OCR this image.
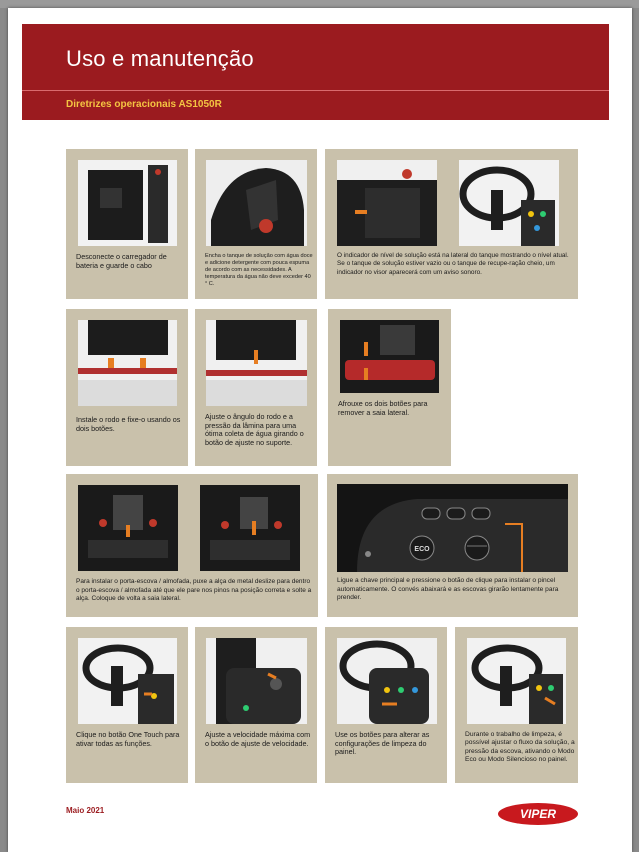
Uso e manutenção
Diretrizes operacionais AS1050R
Desconecte o carregador de bateria e guarde o cabo
Encha o tanque de solução com água doce e adicione detergente com pouca espuma de acordo com as necessidades. A temperatura da água não deve exceder 40 ° C.
O indicador de nível de solução está na lateral do tanque mostrando o nível atual. Se o tanque de solução estiver vazio ou o tanque de recupe-ração cheio, um indicador no visor aparecerá com um aviso sonoro.
Instale o rodo e fixe-o usando os dois botões.
Ajuste o ângulo do rodo e a pressão da lâmina para uma ótima coleta de água girando o botão de ajuste no suporte.
Afrouxe os dois botões para remover a saia lateral.
Para instalar o porta-escova / almofada, puxe a alça de metal deslize para dentro o porta-escova / almofada até que ele pare nos pinos na posição correta e solte a alça. Coloque de volta a saia lateral.
ECO
Ligue a chave principal e pressione o botão de clique para instalar o pincel automaticamente. O convés abaixará e as escovas girarão lentamente para prender.
Clique no botão One Touch para ativar todas as funções.
Ajuste a velocidade máxima com o botão de ajuste de velocidade.
Use os botões para alterar as configurações de limpeza do painel.
Durante o trabalho de limpeza, é possível ajustar o fluxo da solução, a pressão da escova, ativando o Modo Eco ou Modo Silencioso no painel.
Maio 2021	VIPER
